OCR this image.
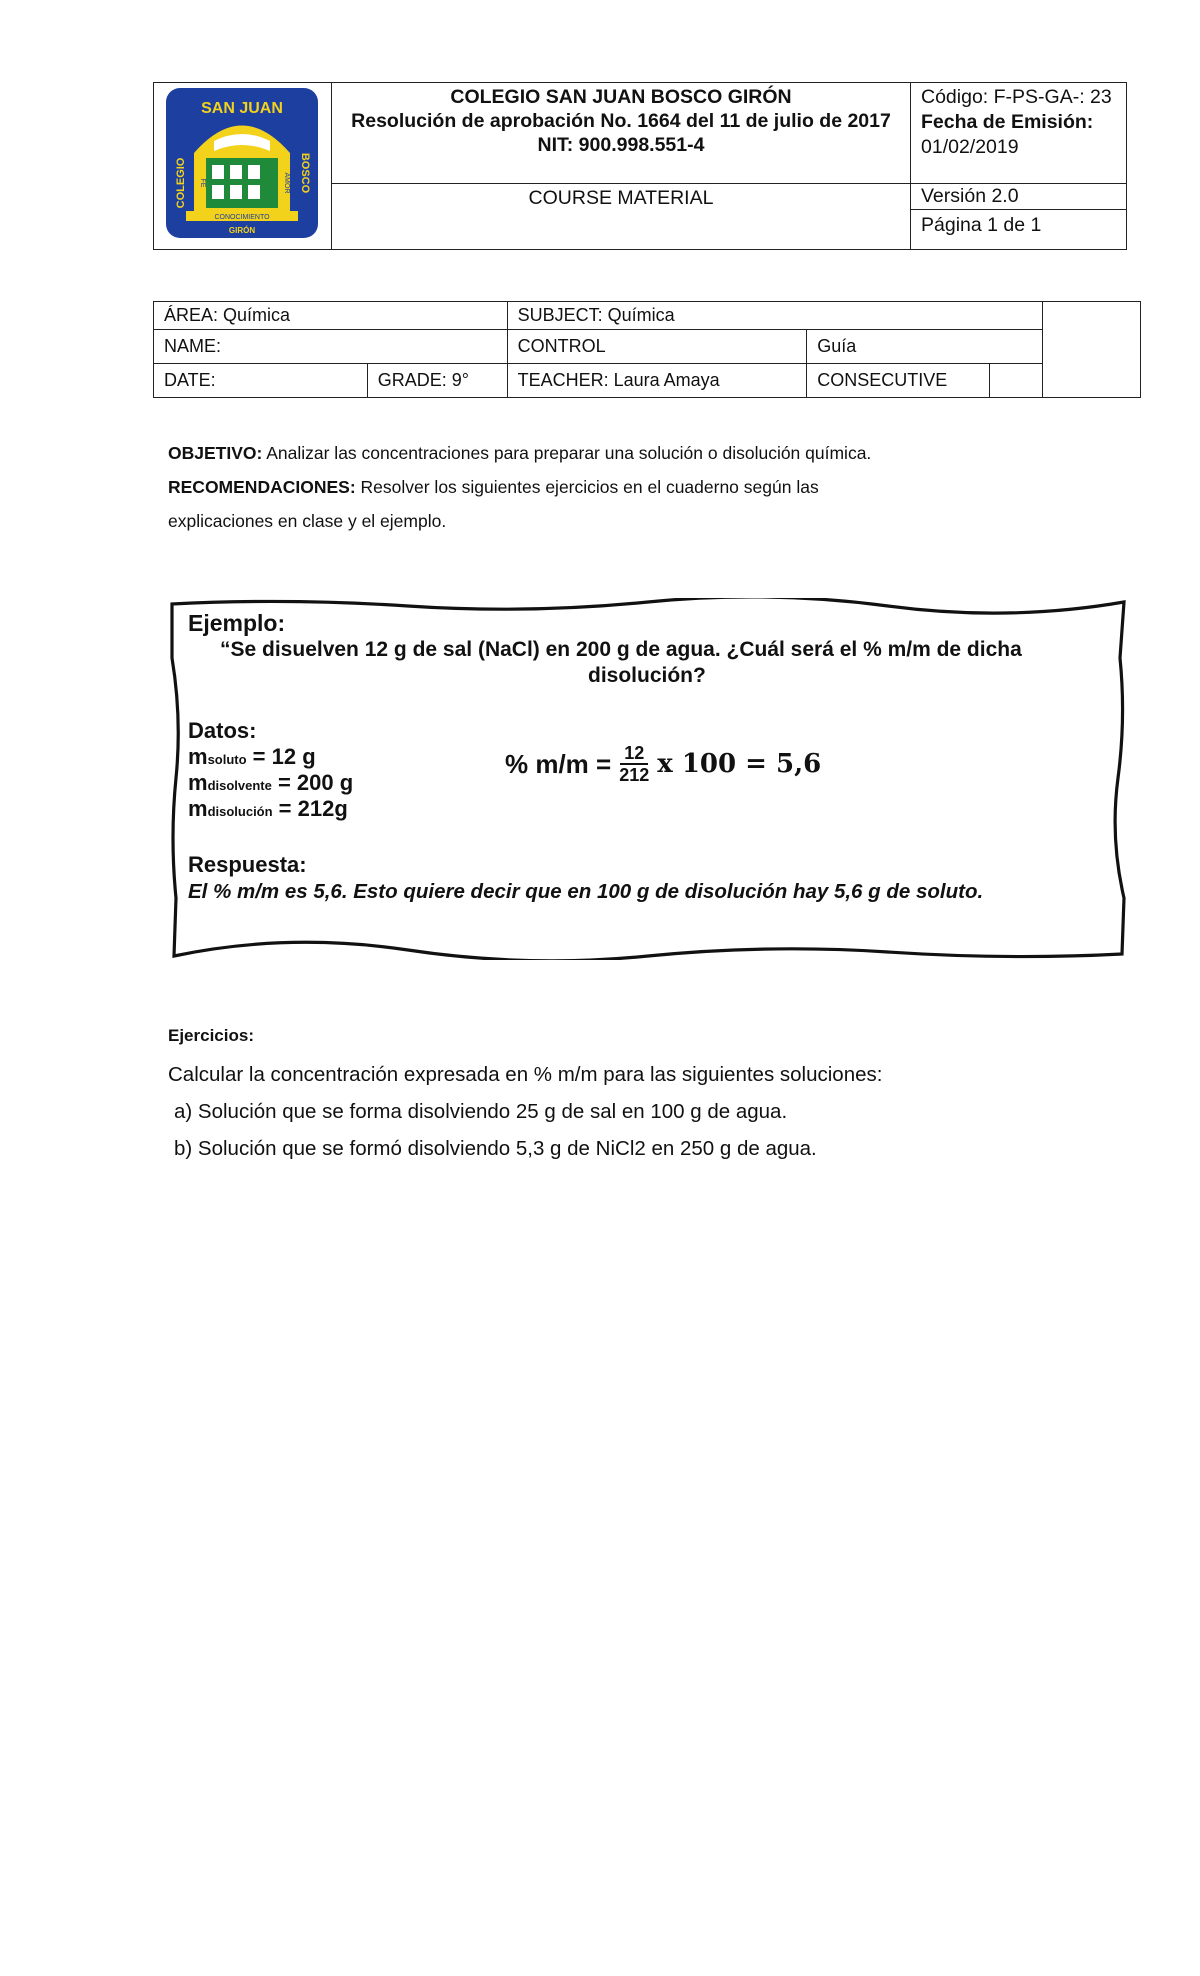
SAN JUAN
COLEGIO	BOSCO
FE	AMOR
CONOCIMIENTO
GIRÓN
COLEGIO SAN JUAN BOSCO GIRÓN
Resolución de aprobación No. 1664 del 11 de julio de 2017
NIT: 900.998.551-4
COURSE MATERIAL
Código: F-PS-GA-: 23
Fecha de Emisión:
01/02/2019
Versión 2.0
Página 1 de 1
ÁREA: Química		SUBJECT: Química			
NAME:		CONTROL	Guía		
DATE:	GRADE: 9°	TEACHER: Laura Amaya	CONSECUTIVE		
OBJETIVO: Analizar las concentraciones para preparar una solución o disolución química.
RECOMENDACIONES: Resolver los siguientes ejercicios en el cuaderno según las
explicaciones en clase y el ejemplo.
Ejemplo:
“Se disuelven 12 g de sal (NaCl) en 200 g de agua. ¿Cuál será el % m/m de dicha
disolución?
Datos:
msoluto = 12 g
mdisolvente = 200 g
mdisolución = 212g
% $m/m = \frac{12}{212}$ x 100 = 5,6
Respuesta:
El % m/m es 5,6. Esto quiere decir que en 100 g de disolución hay 5,6 g de soluto.
Ejercicios:
Calcular la concentración expresada en % m/m para las siguientes soluciones:
a) Solución que se forma disolviendo 25 g de sal en 100 g de agua.
b) Solución que se formó disolviendo 5,3 g de NiCl2 en 250 g de agua.
